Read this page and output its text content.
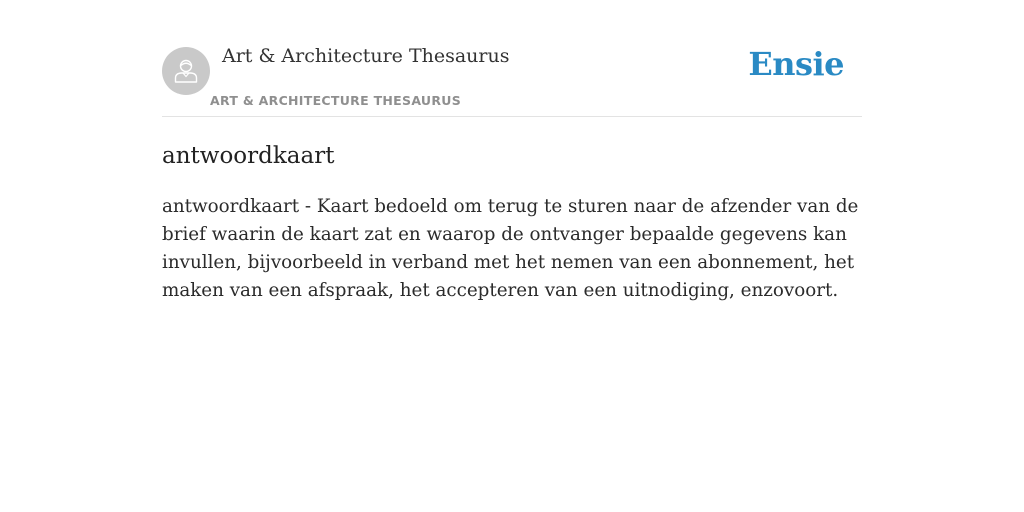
Art & Architecture Thesaurus
ART & ARCHITECTURE THESAURUS
Ensie
antwoordkaart

antwoordkaart - Kaart bedoeld om terug te sturen naar de afzender van de brief waarin de kaart zat en waarop de ontvanger bepaalde gegevens kan invullen, bijvoorbeeld in verband met het nemen van een abonnement, het maken van een afspraak, het accepteren van een uitnodiging, enzovoort.
